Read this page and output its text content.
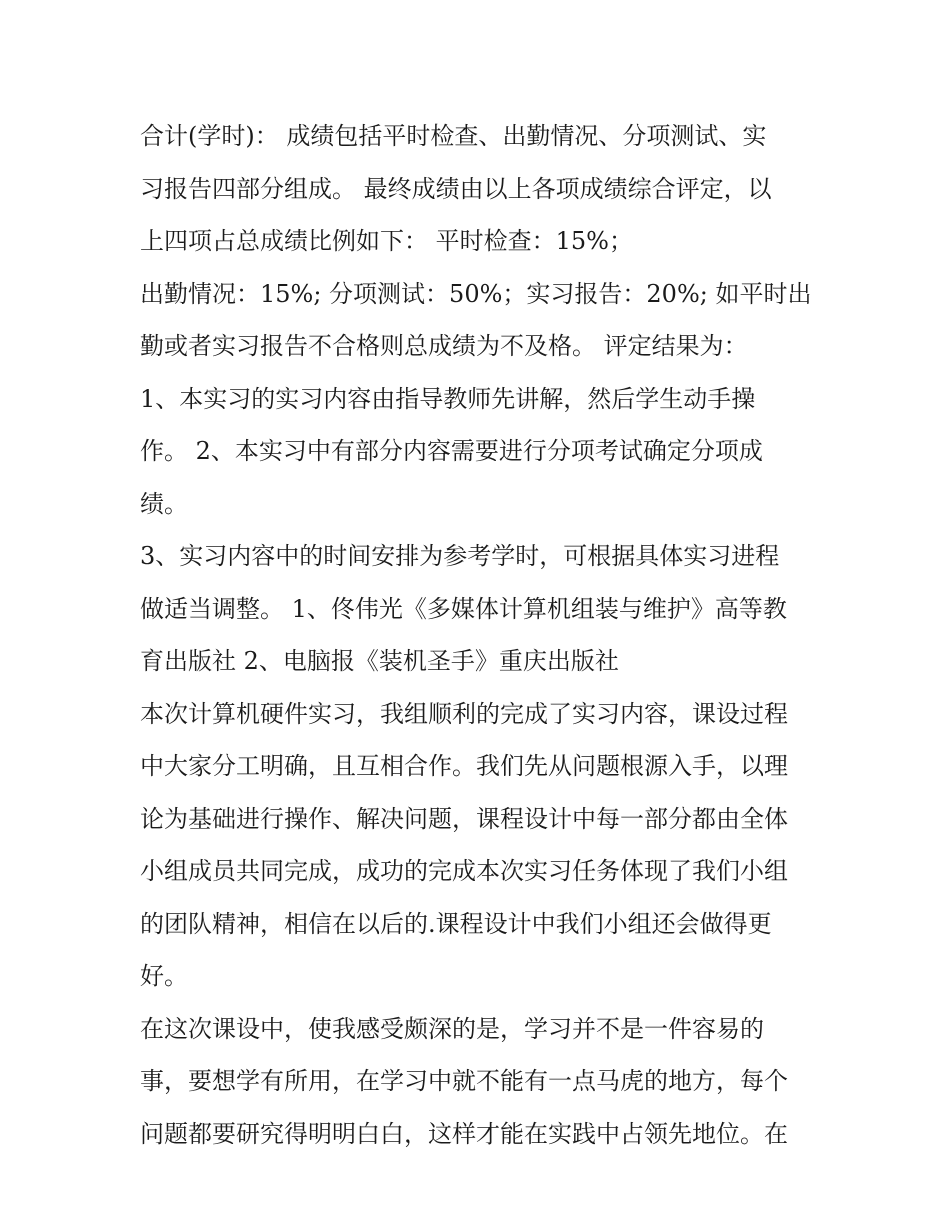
合计(学时)： 成绩包括平时检查、出勤情况、分项测试、实
习报告四部分组成。 最终成绩由以上各项成绩综合评定，以
上四项占总成绩比例如下： 平时检查：15%；
出勤情况：15%; 分项测试：50%；实习报告：20%; 如平时出
勤或者实习报告不合格则总成绩为不及格。 评定结果为：
1、本实习的实习内容由指导教师先讲解，然后学生动手操
作。 2、本实习中有部分内容需要进行分项考试确定分项成
绩。
3、实习内容中的时间安排为参考学时，可根据具体实习进程
做适当调整。 1、佟伟光《多媒体计算机组装与维护》高等教
育出版社 2、电脑报《装机圣手》重庆出版社
本次计算机硬件实习，我组顺利的完成了实习内容，课设过程
中大家分工明确，且互相合作。我们先从问题根源入手，以理
论为基础进行操作、解决问题，课程设计中每一部分都由全体
小组成员共同完成，成功的完成本次实习任务体现了我们小组
的团队精神，相信在以后的.课程设计中我们小组还会做得更
好。
在这次课设中，使我感受颇深的是，学习并不是一件容易的
事，要想学有所用，在学习中就不能有一点马虎的地方，每个
问题都要研究得明明白白，这样才能在实践中占领先地位。在
